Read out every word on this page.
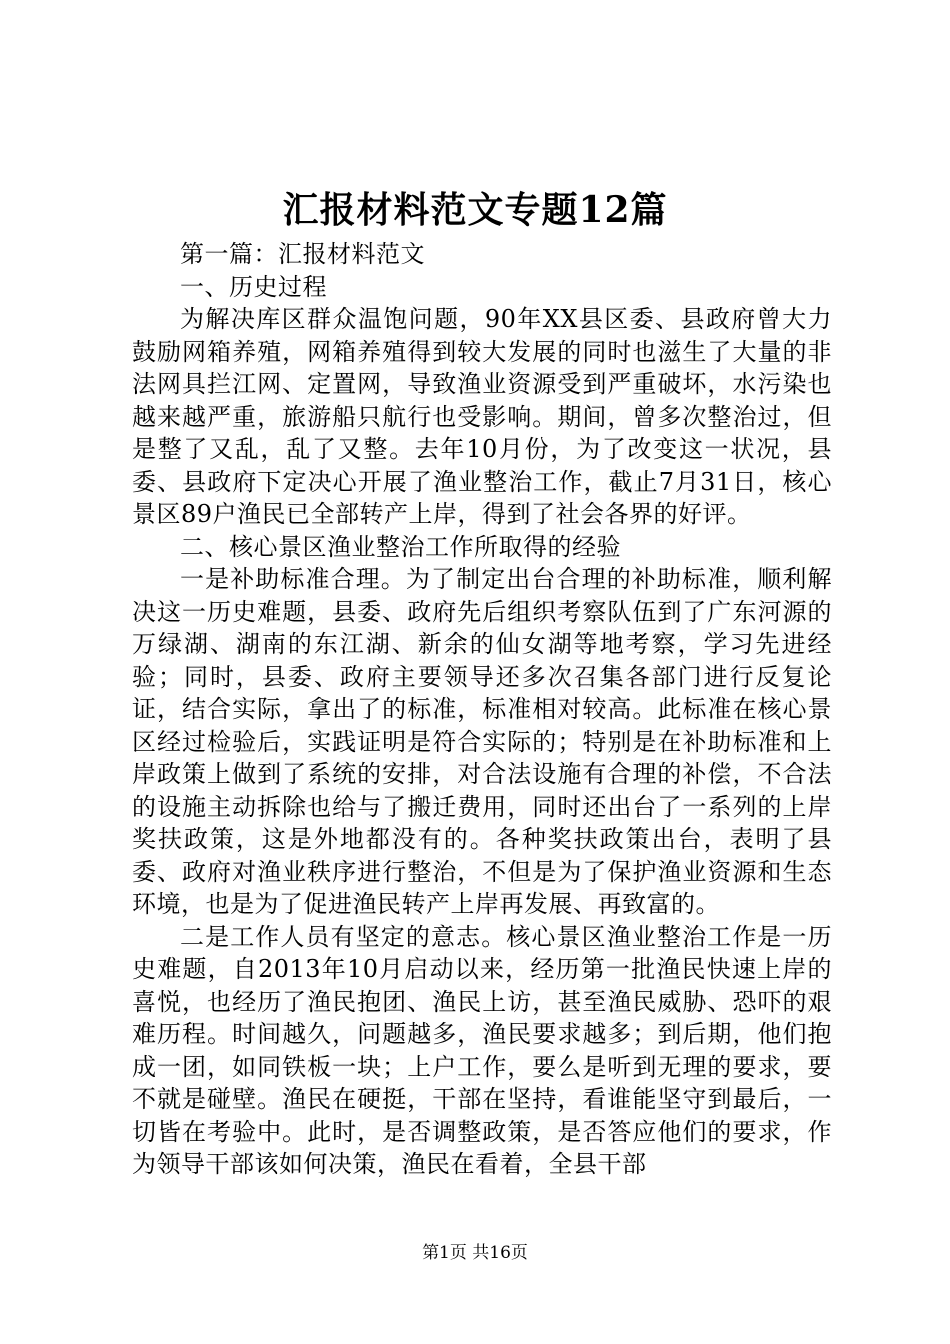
汇报材料范文专题12篇

第一篇：汇报材料范文

一、历史过程

为解决库区群众温饱问题，90年XX县区委、县政府曾大力鼓励网箱养殖，网箱养殖得到较大发展的同时也滋生了大量的非法网具拦江网、定置网，导致渔业资源受到严重破坏，水污染也越来越严重，旅游船只航行也受影响。期间，曾多次整治过，但是整了又乱，乱了又整。去年10月份，为了改变这一状况，县委、县政府下定决心开展了渔业整治工作，截止7月31日，核心景区89户渔民已全部转产上岸，得到了社会各界的好评。

二、核心景区渔业整治工作所取得的经验

一是补助标准合理。为了制定出台合理的补助标准，顺利解决这一历史难题，县委、政府先后组织考察队伍到了广东河源的万绿湖、湖南的东江湖、新余的仙女湖等地考察，学习先进经验；同时，县委、政府主要领导还多次召集各部门进行反复论证，结合实际，拿出了的标准，标准相对较高。此标准在核心景区经过检验后，实践证明是符合实际的；特别是在补助标准和上岸政策上做到了系统的安排，对合法设施有合理的补偿，不合法的设施主动拆除也给与了搬迁费用，同时还出台了一系列的上岸奖扶政策，这是外地都没有的。各种奖扶政策出台，表明了县委、政府对渔业秩序进行整治，不但是为了保护渔业资源和生态环境，也是为了促进渔民转产上岸再发展、再致富的。

二是工作人员有坚定的意志。核心景区渔业整治工作是一历史难题，自2013年10月启动以来，经历第一批渔民快速上岸的喜悦，也经历了渔民抱团、渔民上访，甚至渔民威胁、恐吓的艰难历程。时间越久，问题越多，渔民要求越多；到后期，他们抱成一团，如同铁板一块；上户工作，要么是听到无理的要求，要不就是碰壁。渔民在硬挺，干部在坚持，看谁能坚守到最后，一切皆在考验中。此时，是否调整政策，是否答应他们的要求，作为领导干部该如何决策，渔民在看着，全县干部

第1页 共16页
